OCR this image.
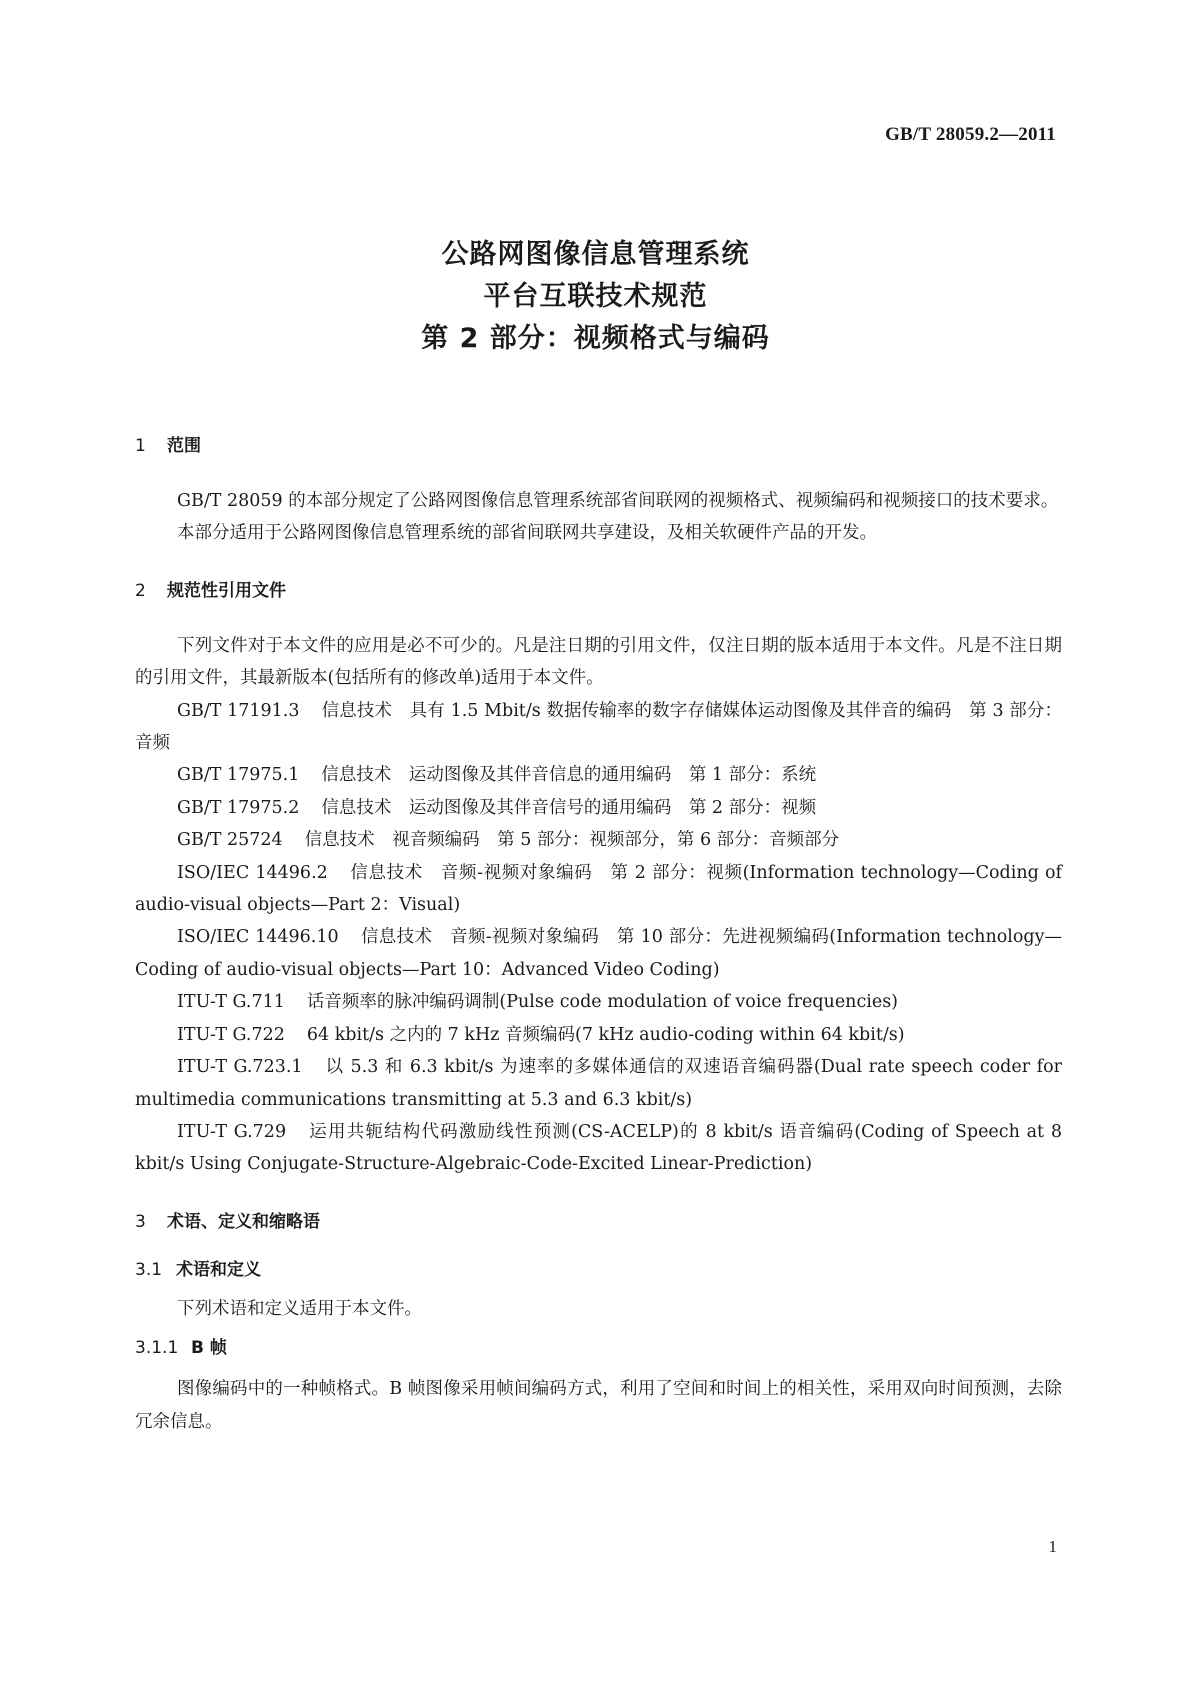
GB/T 28059.2—2011
公路网图像信息管理系统
平台互联技术规范
第 2 部分：视频格式与编码
1 范围

GB/T 28059 的本部分规定了公路网图像信息管理系统部省间联网的视频格式、视频编码和视频接口的技术要求。

本部分适用于公路网图像信息管理系统的部省间联网共享建设，及相关软硬件产品的开发。

2 规范性引用文件

下列文件对于本文件的应用是必不可少的。凡是注日期的引用文件，仅注日期的版本适用于本文件。凡是不注日期的引用文件，其最新版本(包括所有的修改单)适用于本文件。

GB/T 17191.3 信息技术　具有 1.5 Mbit/s 数据传输率的数字存储媒体运动图像及其伴音的编码　第 3 部分：音频

GB/T 17975.1 信息技术　运动图像及其伴音信息的通用编码　第 1 部分：系统

GB/T 17975.2 信息技术　运动图像及其伴音信号的通用编码　第 2 部分：视频

GB/T 25724 信息技术　视音频编码　第 5 部分：视频部分，第 6 部分：音频部分

ISO/IEC 14496.2 信息技术　音频-视频对象编码　第 2 部分：视频(Information technology—Coding of audio-visual objects—Part 2：Visual)

ISO/IEC 14496.10 信息技术　音频-视频对象编码　第 10 部分：先进视频编码(Information technology—Coding of audio-visual objects—Part 10：Advanced Video Coding)

ITU-T G.711 话音频率的脉冲编码调制(Pulse code modulation of voice frequencies)

ITU-T G.722 64 kbit/s 之内的 7 kHz 音频编码(7 kHz audio-coding within 64 kbit/s)

ITU-T G.723.1 以 5.3 和 6.3 kbit/s 为速率的多媒体通信的双速语音编码器(Dual rate speech coder for multimedia communications transmitting at 5.3 and 6.3 kbit/s)

ITU-T G.729 运用共轭结构代码激励线性预测(CS-ACELP)的 8 kbit/s 语音编码(Coding of Speech at 8 kbit/s Using Conjugate-Structure-Algebraic-Code-Excited Linear-Prediction)

3 术语、定义和缩略语
3.1 术语和定义

下列术语和定义适用于本文件。

3.1.1 B 帧

图像编码中的一种帧格式。B 帧图像采用帧间编码方式，利用了空间和时间上的相关性，采用双向时间预测，去除冗余信息。

1
